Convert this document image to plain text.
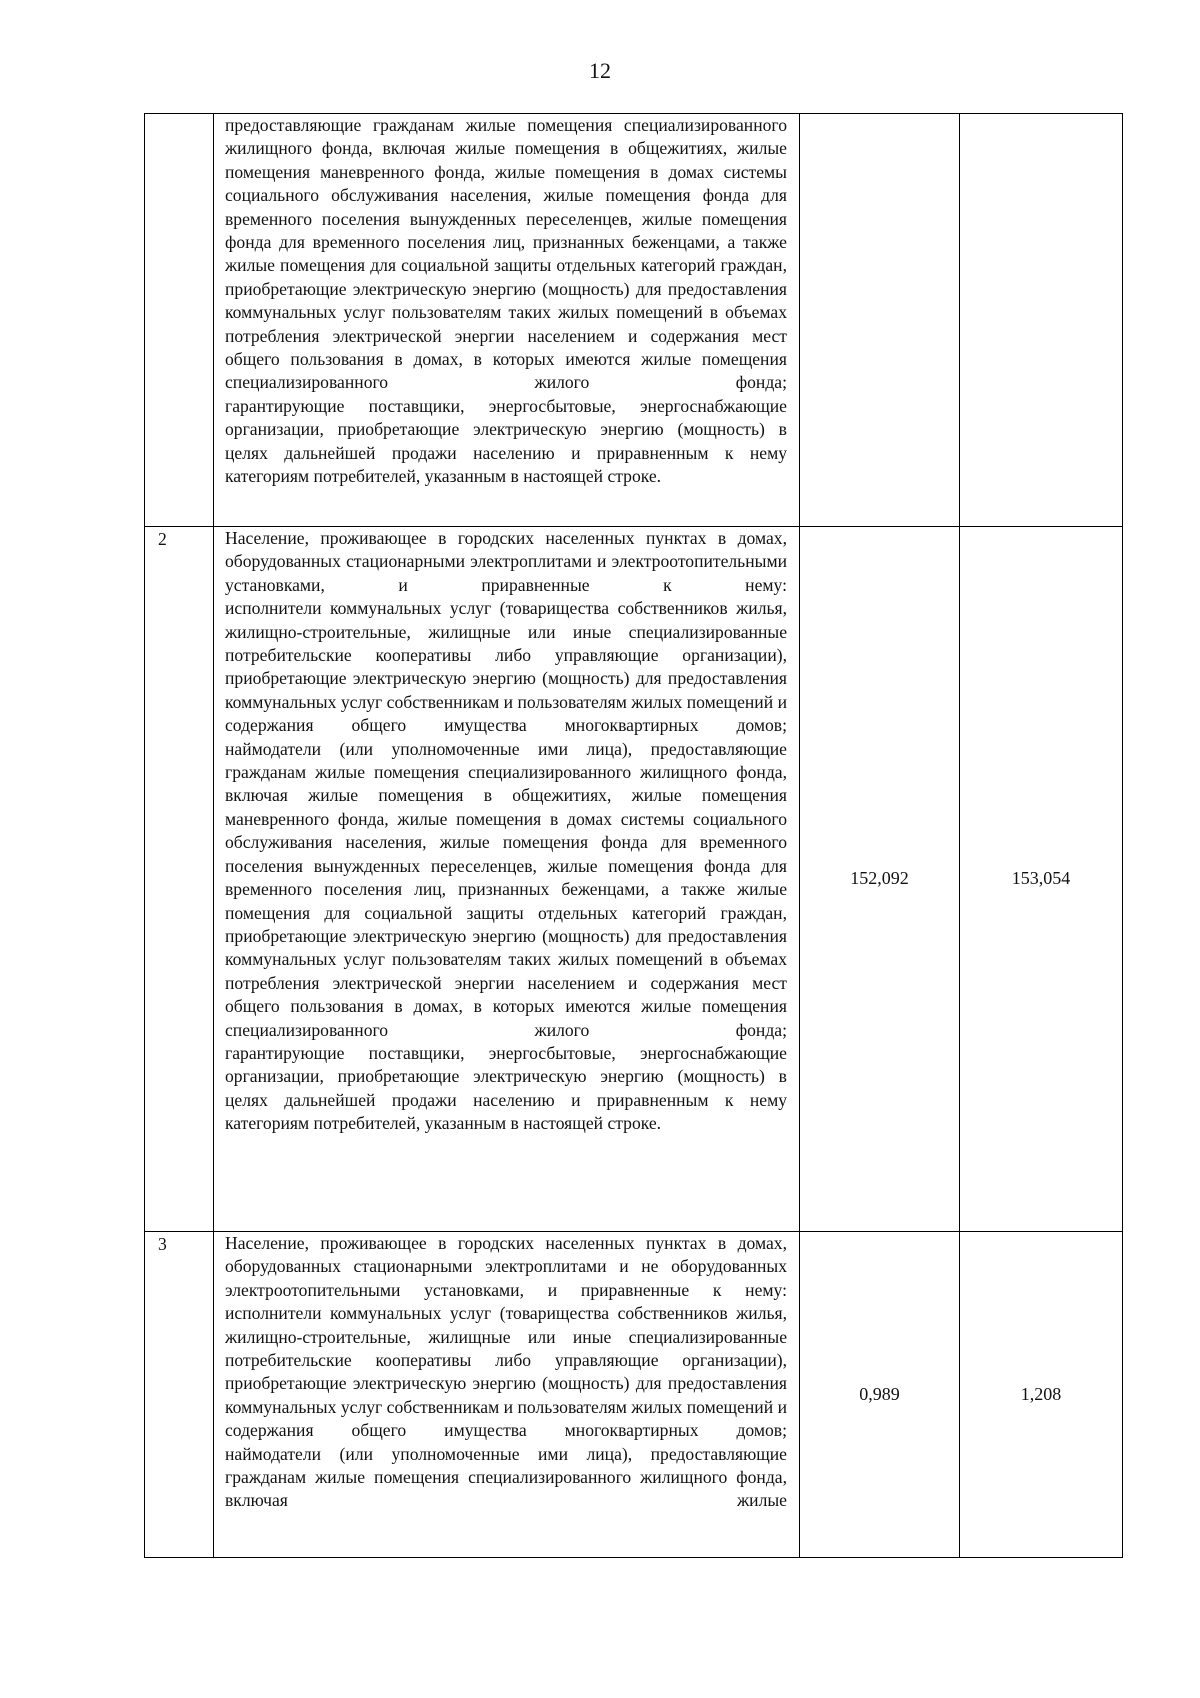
12

	предоставляющие гражданам жилые помещения специализированного жилищного фонда, включая жилые помещения в общежитиях, жилые помещения маневренного фонда, жилые помещения в домах системы социального обслуживания населения, жилые помещения фонда для временного поселения вынужденных переселенцев, жилые помещения фонда для временного поселения лиц, признанных беженцами, а также жилые помещения для социальной защиты отдельных категорий граждан, приобретающие электрическую энергию (мощность) для предоставления коммунальных услуг пользователям таких жилых помещений в объемах потребления электрической энергии населением и содержания мест общего пользования в домах, в которых имеются жилые помещения специализированного жилого фонда;

гарантирующие поставщики, энергосбытовые, энергоснабжающие организации, приобретающие электрическую энергию (мощность) в целях дальнейшей продажи населению и приравненным к нему категориям потребителей, указанным в настоящей строке.		

2	Население, проживающее в городских населенных пунктах в домах, оборудованных стационарными электроплитами и электроотопительными установками, и приравненные к нему:

исполнители коммунальных услуг (товарищества собственников жилья, жилищно-строительные, жилищные или иные специализированные потребительские кооперативы либо управляющие организации), приобретающие электрическую энергию (мощность) для предоставления коммунальных услуг собственникам и пользователям жилых помещений и содержания общего имущества многоквартирных домов;

наймодатели (или уполномоченные ими лица), предоставляющие гражданам жилые помещения специализированного жилищного фонда, включая жилые помещения в общежитиях, жилые помещения маневренного фонда, жилые помещения в домах системы социального обслуживания населения, жилые помещения фонда для временного поселения вынужденных переселенцев, жилые помещения фонда для временного поселения лиц, признанных беженцами, а также жилые помещения для социальной защиты отдельных категорий граждан, приобретающие электрическую энергию (мощность) для предоставления коммунальных услуг пользователям таких жилых помещений в объемах потребления электрической энергии населением и содержания мест общего пользования в домах, в которых имеются жилые помещения специализированного жилого фонда;

гарантирующие поставщики, энергосбытовые, энергоснабжающие организации, приобретающие электрическую энергию (мощность) в целях дальнейшей продажи населению и приравненным к нему категориям потребителей, указанным в настоящей строке.	152,092	153,054
3	Население, проживающее в городских населенных пунктах в домах, оборудованных стационарными электроплитами и не оборудованных электроотопительными установками, и приравненные к нему:

исполнители коммунальных услуг (товарищества собственников жилья, жилищно-строительные, жилищные или иные специализированные потребительские кооперативы либо управляющие организации), приобретающие электрическую энергию (мощность) для предоставления коммунальных услуг собственникам и пользователям жилых помещений и содержания общего имущества многоквартирных домов;

наймодатели (или уполномоченные ими лица), предоставляющие гражданам жилые помещения специализированного жилищного фонда, включая жилые	0,989	1,208
